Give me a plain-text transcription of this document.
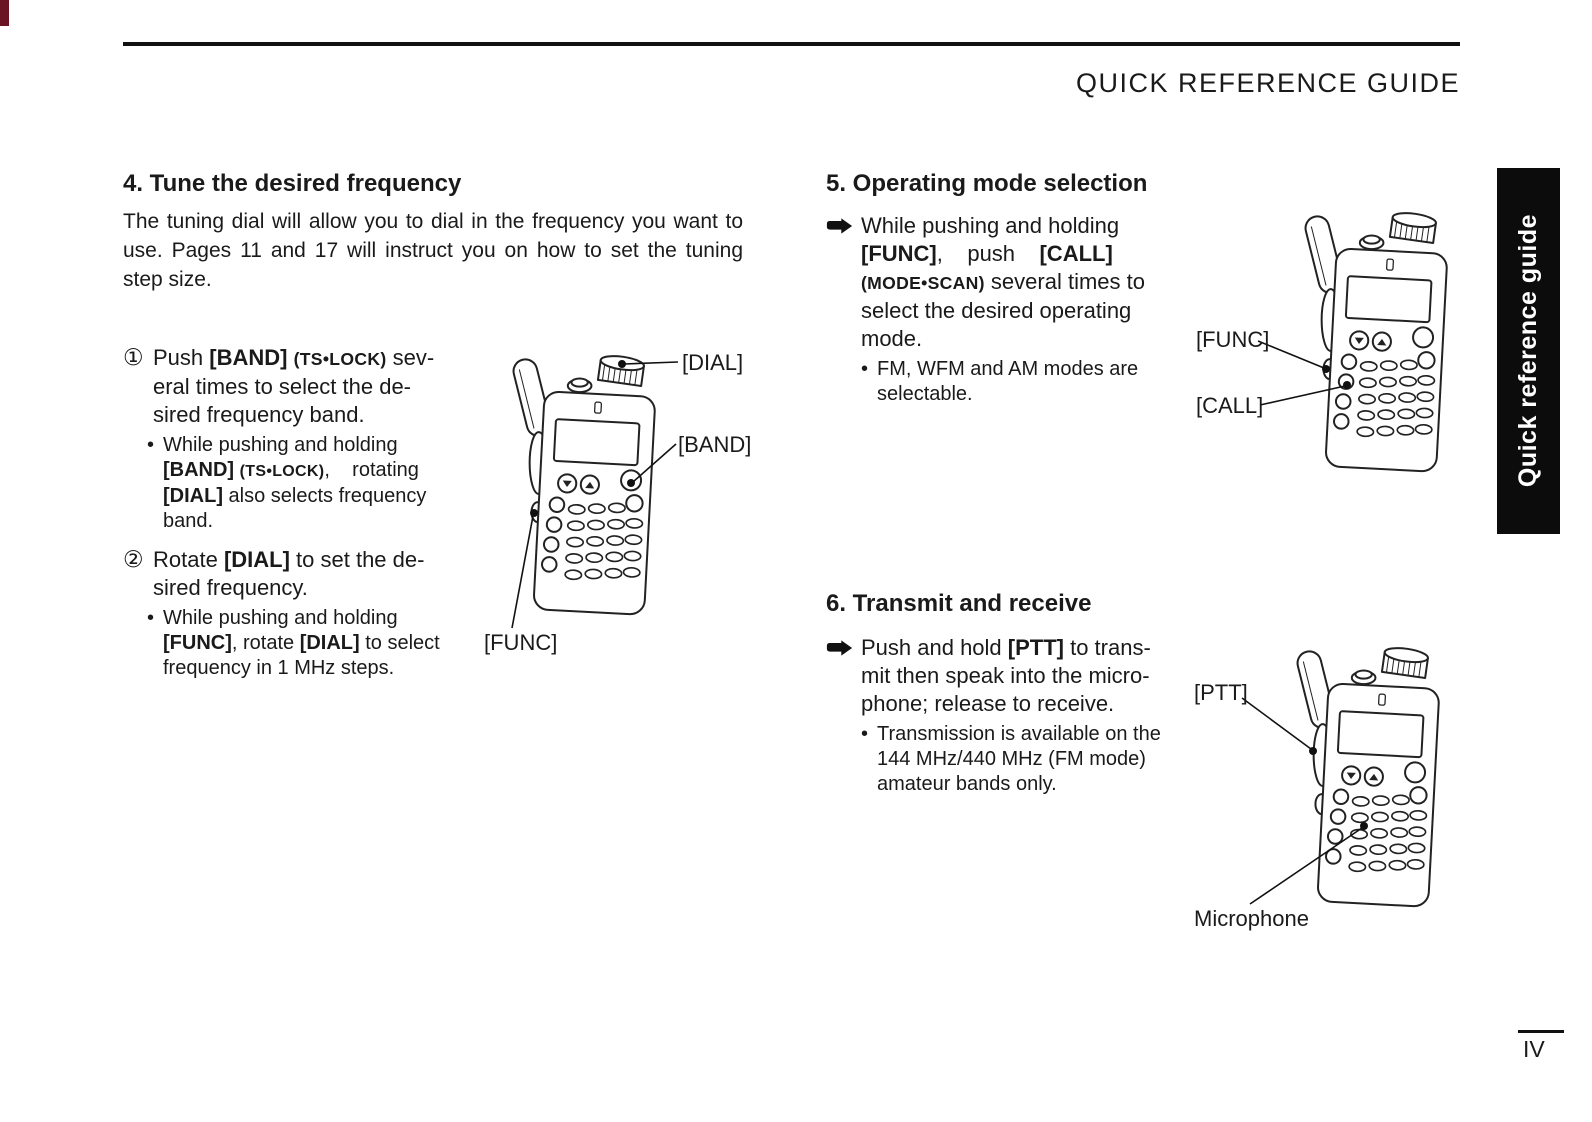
QUICK REFERENCE GUIDE
Quick reference guide
4. Tune the desired frequency
The tuning dial will allow you to dial in the frequency you want to use. Pages 11 and 17 will instruct you on how to set the tuning step size.
① Push [BAND] (TS•LOCK) sev-
eral times to select the de-
sired frequency band.
• While pushing and holding
[BAND] (TS•LOCK),    rotating
[DIAL] also selects frequency
band.
② Rotate [DIAL] to set the de-
sired frequency.
• While pushing and holding
[FUNC], rotate [DIAL] to select
frequency in 1 MHz steps.
[DIAL]
[BAND]
[FUNC]
5. Operating mode selection
While pushing and holding
[FUNC],    push    [CALL]
(MODE•SCAN) several times to
select the desired operating
mode.
• FM, WFM and AM modes are
selectable.
[FUNC]
[CALL]
6. Transmit and receive
Push and hold [PTT] to trans-
mit then speak into the micro-
phone; release to receive.
• Transmission is available on the
144 MHz/440 MHz (FM mode)
amateur bands only.
[PTT]
Microphone
IV
